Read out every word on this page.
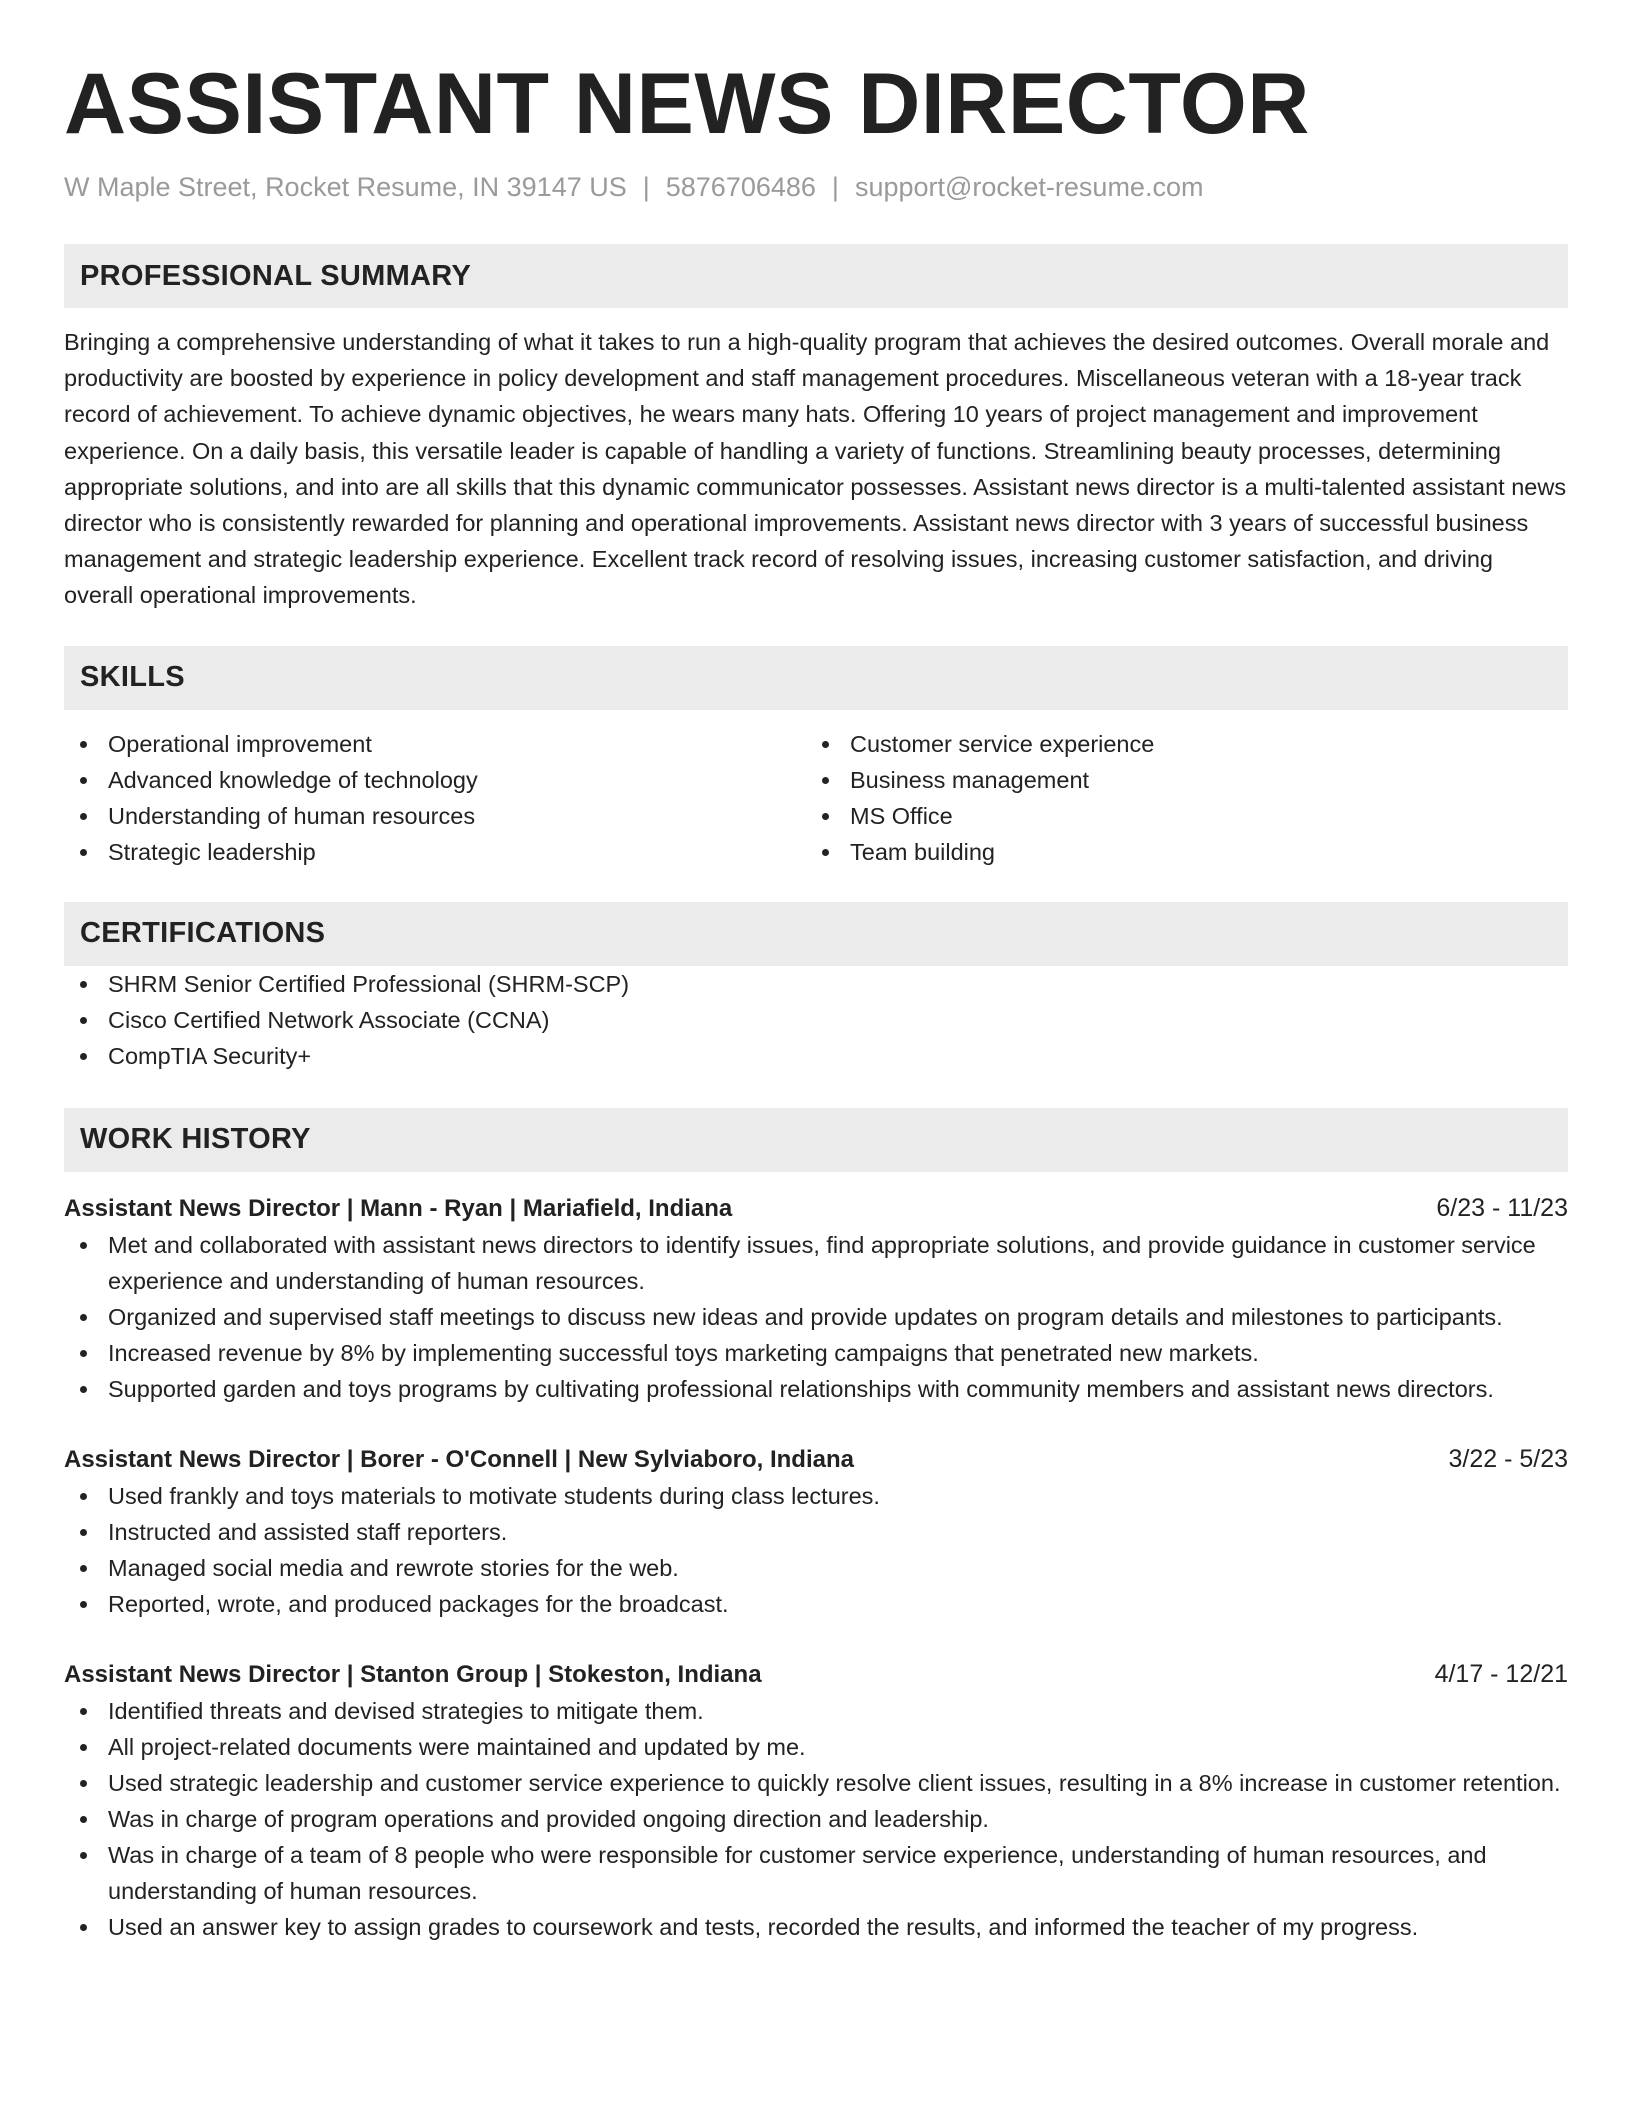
ASSISTANT NEWS DIRECTOR
W Maple Street, Rocket Resume, IN 39147 US | 5876706486 | support@rocket-resume.com
PROFESSIONAL SUMMARY
Bringing a comprehensive understanding of what it takes to run a high-quality program that achieves the desired outcomes. Overall morale and productivity are boosted by experience in policy development and staff management procedures. Miscellaneous veteran with a 18-year track record of achievement. To achieve dynamic objectives, he wears many hats. Offering 10 years of project management and improvement experience. On a daily basis, this versatile leader is capable of handling a variety of functions. Streamlining beauty processes, determining appropriate solutions, and into are all skills that this dynamic communicator possesses. Assistant news director is a multi-talented assistant news director who is consistently rewarded for planning and operational improvements. Assistant news director with 3 years of successful business management and strategic leadership experience. Excellent track record of resolving issues, increasing customer satisfaction, and driving overall operational improvements.
SKILLS
Operational improvement
Advanced knowledge of technology
Understanding of human resources
Strategic leadership
Customer service experience
Business management
MS Office
Team building
CERTIFICATIONS
SHRM Senior Certified Professional (SHRM-SCP)
Cisco Certified Network Associate (CCNA)
CompTIA Security+
WORK HISTORY
Assistant News Director | Mann - Ryan | Mariafield, Indiana	6/23 - 11/23
Met and collaborated with assistant news directors to identify issues, find appropriate solutions, and provide guidance in customer service experience and understanding of human resources.
Organized and supervised staff meetings to discuss new ideas and provide updates on program details and milestones to participants.
Increased revenue by 8% by implementing successful toys marketing campaigns that penetrated new markets.
Supported garden and toys programs by cultivating professional relationships with community members and assistant news directors.
Assistant News Director | Borer - O'Connell | New Sylviaboro, Indiana	3/22 - 5/23
Used frankly and toys materials to motivate students during class lectures.
Instructed and assisted staff reporters.
Managed social media and rewrote stories for the web.
Reported, wrote, and produced packages for the broadcast.
Assistant News Director | Stanton Group | Stokeston, Indiana	4/17 - 12/21
Identified threats and devised strategies to mitigate them.
All project-related documents were maintained and updated by me.
Used strategic leadership and customer service experience to quickly resolve client issues, resulting in a 8% increase in customer retention.
Was in charge of program operations and provided ongoing direction and leadership.
Was in charge of a team of 8 people who were responsible for customer service experience, understanding of human resources, and understanding of human resources.
Used an answer key to assign grades to coursework and tests, recorded the results, and informed the teacher of my progress.
